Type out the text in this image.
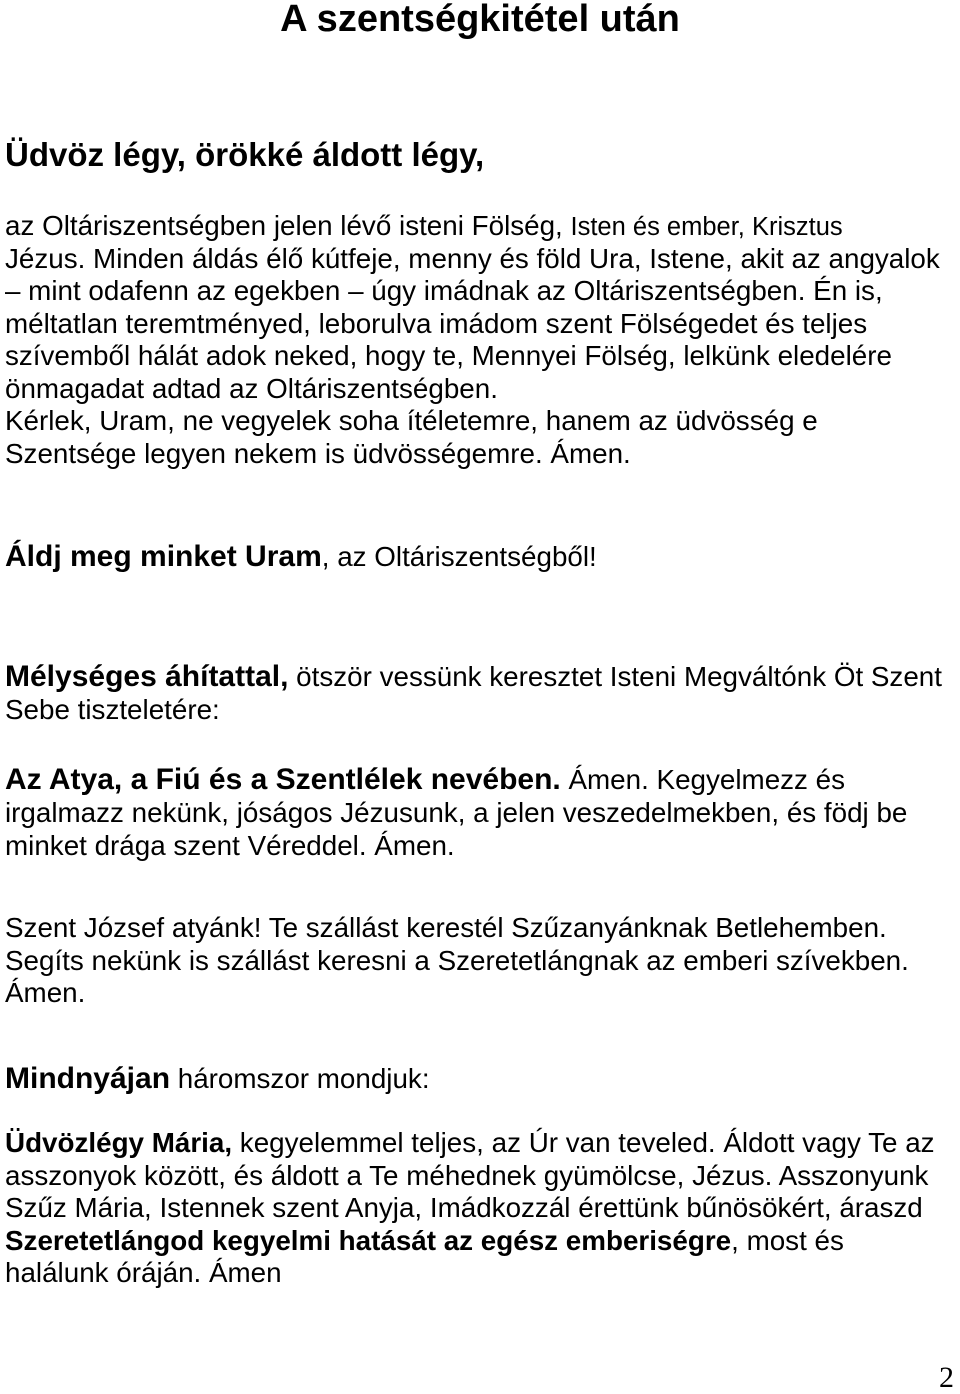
A szentségkitétel után
Üdvöz légy, örökké áldott légy,
az Oltáriszentségben jelen lévő isteni Fölség, Isten és ember, Krisztus
Jézus. Minden áldás élő kútfeje, menny és föld Ura, Istene, akit az angyalok
– mint odafenn az egekben – úgy imádnak az Oltáriszentségben. Én is,
méltatlan teremtményed, leborulva imádom szent Fölségedet és teljes
szívemből hálát adok neked, hogy te, Mennyei Fölség, lelkünk eledelére
önmagadat adtad az Oltáriszentségben.
Kérlek, Uram, ne vegyelek soha ítéletemre, hanem az üdvösség e
Szentsége legyen nekem is üdvösségemre. Ámen.
Áldj meg minket Uram, az Oltáriszentségből!
Mélységes áhítattal, ötször vessünk keresztet Isteni Megváltónk Öt Szent
Sebe tiszteletére:
Az Atya, a Fiú és a Szentlélek nevében. Ámen. Kegyelmezz és
irgalmazz nekünk, jóságos Jézusunk, a jelen veszedelmekben, és födj be
minket drága szent Véreddel. Ámen.
Szent József atyánk! Te szállást kerestél Szűzanyánknak Betlehemben.
Segíts nekünk is szállást keresni a Szeretetlángnak az emberi szívekben.
Ámen.
Mindnyájan háromszor mondjuk:
Üdvözlégy Mária, kegyelemmel teljes, az Úr van teveled. Áldott vagy Te az
asszonyok között, és áldott a Te méhednek gyümölcse, Jézus. Asszonyunk
Szűz Mária, Istennek szent Anyja, Imádkozzál érettünk bűnösökért, áraszd
Szeretetlángod kegyelmi hatását az egész emberiségre, most és
halálunk óráján. Ámen
2
